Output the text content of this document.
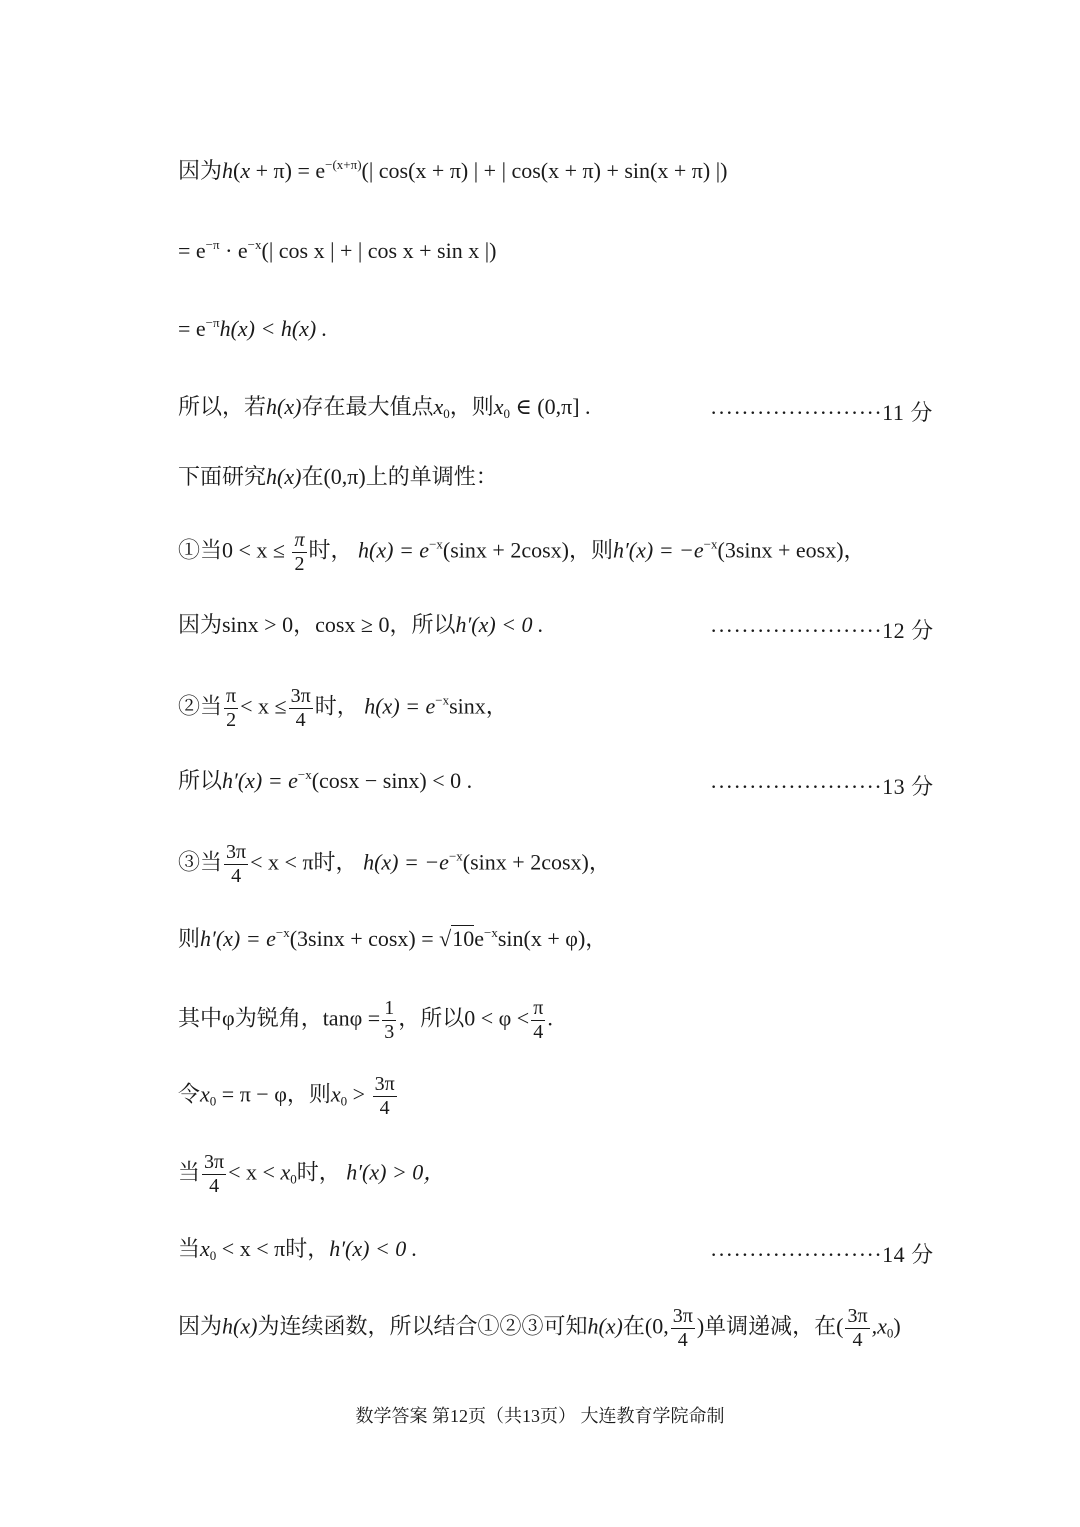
因为$h(x + \pi) = e^{-(x+\pi)}(|$ cos(x + π) | + | cos(x + π) + sin(x + π) |)
= $e^{-\pi} \cdot e^{-x}(|$ cos x | + | cos x + sin x |)
= $e^{-\pi}h(x) < h(x)$ .
所以，若h(x)存在最大值点$x_0$，则$x_0$ ∈ (0,π] .	······················11 分
下面研究h(x)在(0,π)上的单调性：
①当$0 < x \le \frac{\pi}{2}$ 时， $h(x) = e^{-x}(\sin x + 2\cos x)$，则$h'(x) = -e^{-x}(3\sin x$ + eosx)，
因为sinx > 0，cosx ≥ 0，所以h′(x) < 0 .	······················12 分
②当 $\frac{\pi}{2} < x \le \frac{3\pi}{4}$ 时， $h(x) = e^{-x}\sin x$，
所以$h'(x) = e^{-x}(\cos x - \sin x) < 0$ .	······················13 分
③当 $\frac{3\pi}{4} < x < \pi$时， $h(x) = -e^{-x}(\sin x + 2\cos x)$，
则$h'(x) = e^{-x}(3\sin x + \cos x) = √10e^{-x}\sin(x + \varphi)$，
其中φ为锐角，$\tan\varphi = \frac{1}{3}$ ，所以$0 < \varphi < \frac{\pi}{4}$ .
令$x_0 = \pi - \varphi$，则$x_0 > \frac{3\pi}{4}$
当 $\frac{3\pi}{4} < x < x_0$时， h′(x) > 0，
当$x_0 < x < \pi$时，h′(x) < 0 .	······················14 分
因为h(x)为连续函数，所以结合①②③可知h(x)在(0, $\frac{3\pi}{4}$ )单调递减，在( $\frac{3\pi}{4} ,x_0$)
数学答案 第12页（共13页） 大连教育学院命制
